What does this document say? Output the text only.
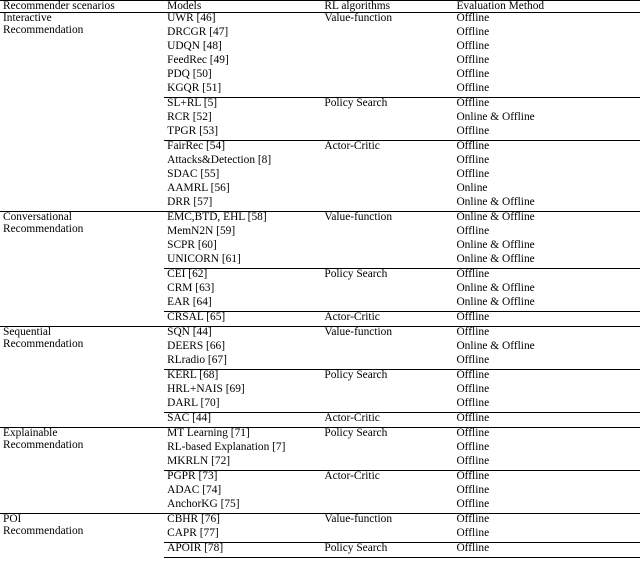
Recommender scenarios	Models	RL algorithms	Evaluation Method

Interactive
Recommendation	UWR [46]	Value-function	Offline
	DRCGR [47]		Offline
	UDQN [48]		Offline
	FeedRec [49]		Offline
	PDQ [50]		Offline
	KGQR [51]		Offline
	SL+RL [5]	Policy Search	Offline
	RCR [52]		Online & Offline
	TPGR [53]		Offline
	FairRec [54]	Actor-Critic	Offline
	Attacks&Detection [8]		Offline
	SDAC [55]		Offline
	AAMRL [56]		Online
	DRR [57]		Online & Offline

Conversational
Recommendation	EMC,BTD, EHL [58]	Value-function	Online & Offline
	MemN2N [59]		Offline
	SCPR [60]		Online & Offline
	UNICORN [61]		Online & Offline
	CEI [62]	Policy Search	Offline
	CRM [63]		Online & Offline
	EAR [64]		Online & Offline
	CRSAL [65]	Actor-Critic	Offline

Sequential
Recommendation	SQN [44]	Value-function	Offline
	DEERS [66]		Online & Offline
	RLradio [67]		Offline
	KERL [68]	Policy Search	Offline
	HRL+NAIS [69]		Offline
	DARL [70]		Offline
	SAC [44]	Actor-Critic	Offline

Explainable
Recommendation	MT Learning [71]	Policy Search	Offline
	RL-based Explanation [7]		Offline
	MKRLN [72]		Offline
	PGPR [73]	Actor-Critic	Offline
	ADAC [74]		Offline
	AnchorKG [75]		Offline

POI
Recommendation	CBHR [76]	Value-function	Offline
	CAPR [77]		Offline
	APOIR [78]	Policy Search	Offline
